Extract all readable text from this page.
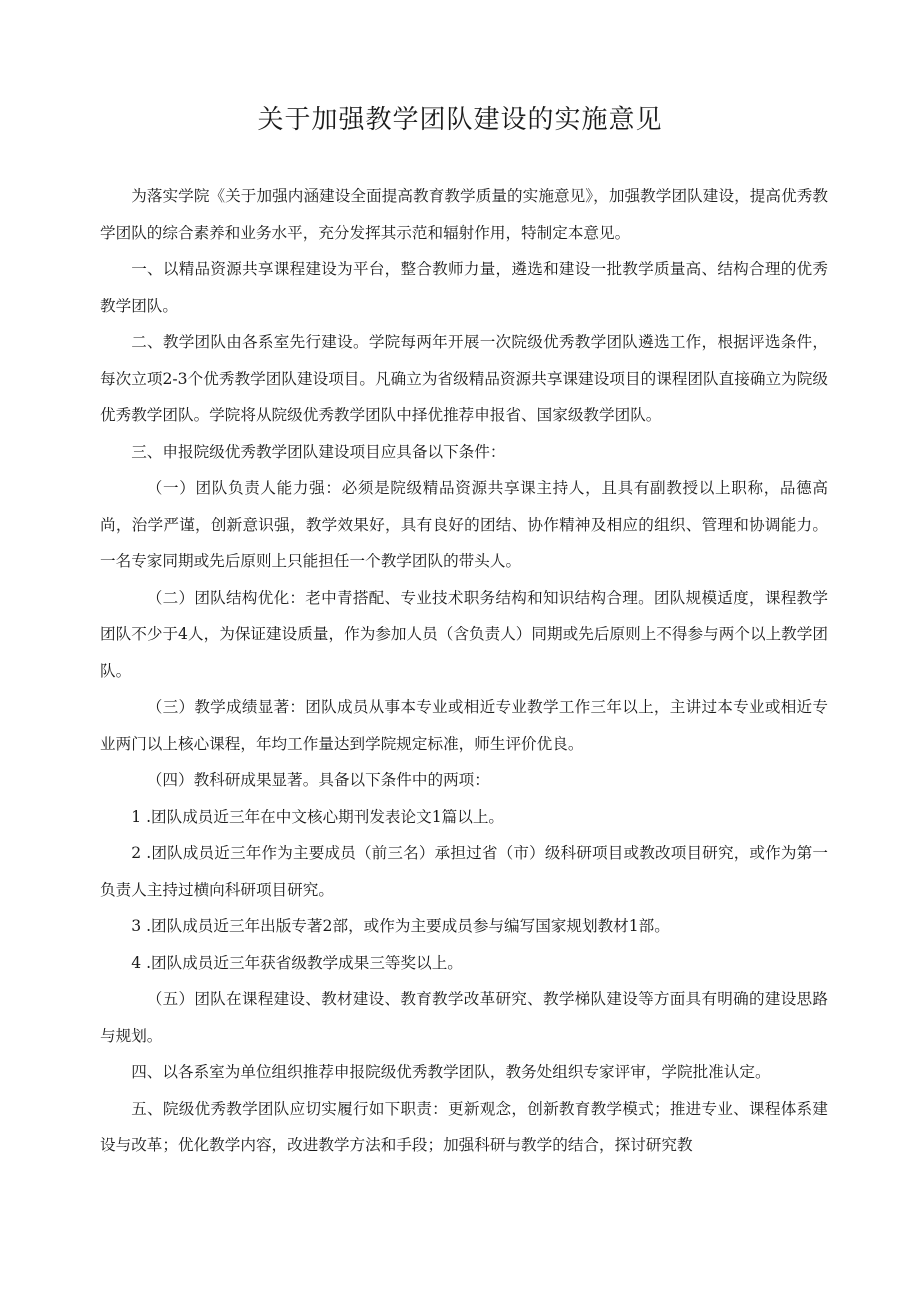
关于加强教学团队建设的实施意见

为落实学院《关于加强内涵建设全面提高教育教学质量的实施意见》，加强教学团队建设，提高优秀教学团队的综合素养和业务水平，充分发挥其示范和辐射作用，特制定本意见。

一、以精品资源共享课程建设为平台，整合教师力量，遴选和建设一批教学质量高、结构合理的优秀教学团队。

二、教学团队由各系室先行建设。学院每两年开展一次院级优秀教学团队遴选工作，根据评选条件，每次立项2-3个优秀教学团队建设项目。凡确立为省级精品资源共享课建设项目的课程团队直接确立为院级优秀教学团队。学院将从院级优秀教学团队中择优推荐申报省、国家级教学团队。

三、申报院级优秀教学团队建设项目应具备以下条件：

（一）团队负责人能力强：必须是院级精品资源共享课主持人，且具有副教授以上职称，品德高尚，治学严谨，创新意识强，教学效果好，具有良好的团结、协作精神及相应的组织、管理和协调能力。一名专家同期或先后原则上只能担任一个教学团队的带头人。

（二）团队结构优化：老中青搭配、专业技术职务结构和知识结构合理。团队规模适度，课程教学团队不少于4人，为保证建设质量，作为参加人员（含负责人）同期或先后原则上不得参与两个以上教学团队。

（三）教学成绩显著：团队成员从事本专业或相近专业教学工作三年以上，主讲过本专业或相近专业两门以上核心课程，年均工作量达到学院规定标准，师生评价优良。

（四）教科研成果显著。具备以下条件中的两项：

1 .团队成员近三年在中文核心期刊发表论文1篇以上。

2 .团队成员近三年作为主要成员（前三名）承担过省（市）级科研项目或教改项目研究，或作为第一负责人主持过横向科研项目研究。

3 .团队成员近三年出版专著2部，或作为主要成员参与编写国家规划教材1部。

4 .团队成员近三年获省级教学成果三等奖以上。

（五）团队在课程建设、教材建设、教育教学改革研究、教学梯队建设等方面具有明确的建设思路与规划。

四、以各系室为单位组织推荐申报院级优秀教学团队，教务处组织专家评审，学院批准认定。

五、院级优秀教学团队应切实履行如下职责：更新观念，创新教育教学模式；推进专业、课程体系建设与改革；优化教学内容，改进教学方法和手段；加强科研与教学的结合，探讨研究教
